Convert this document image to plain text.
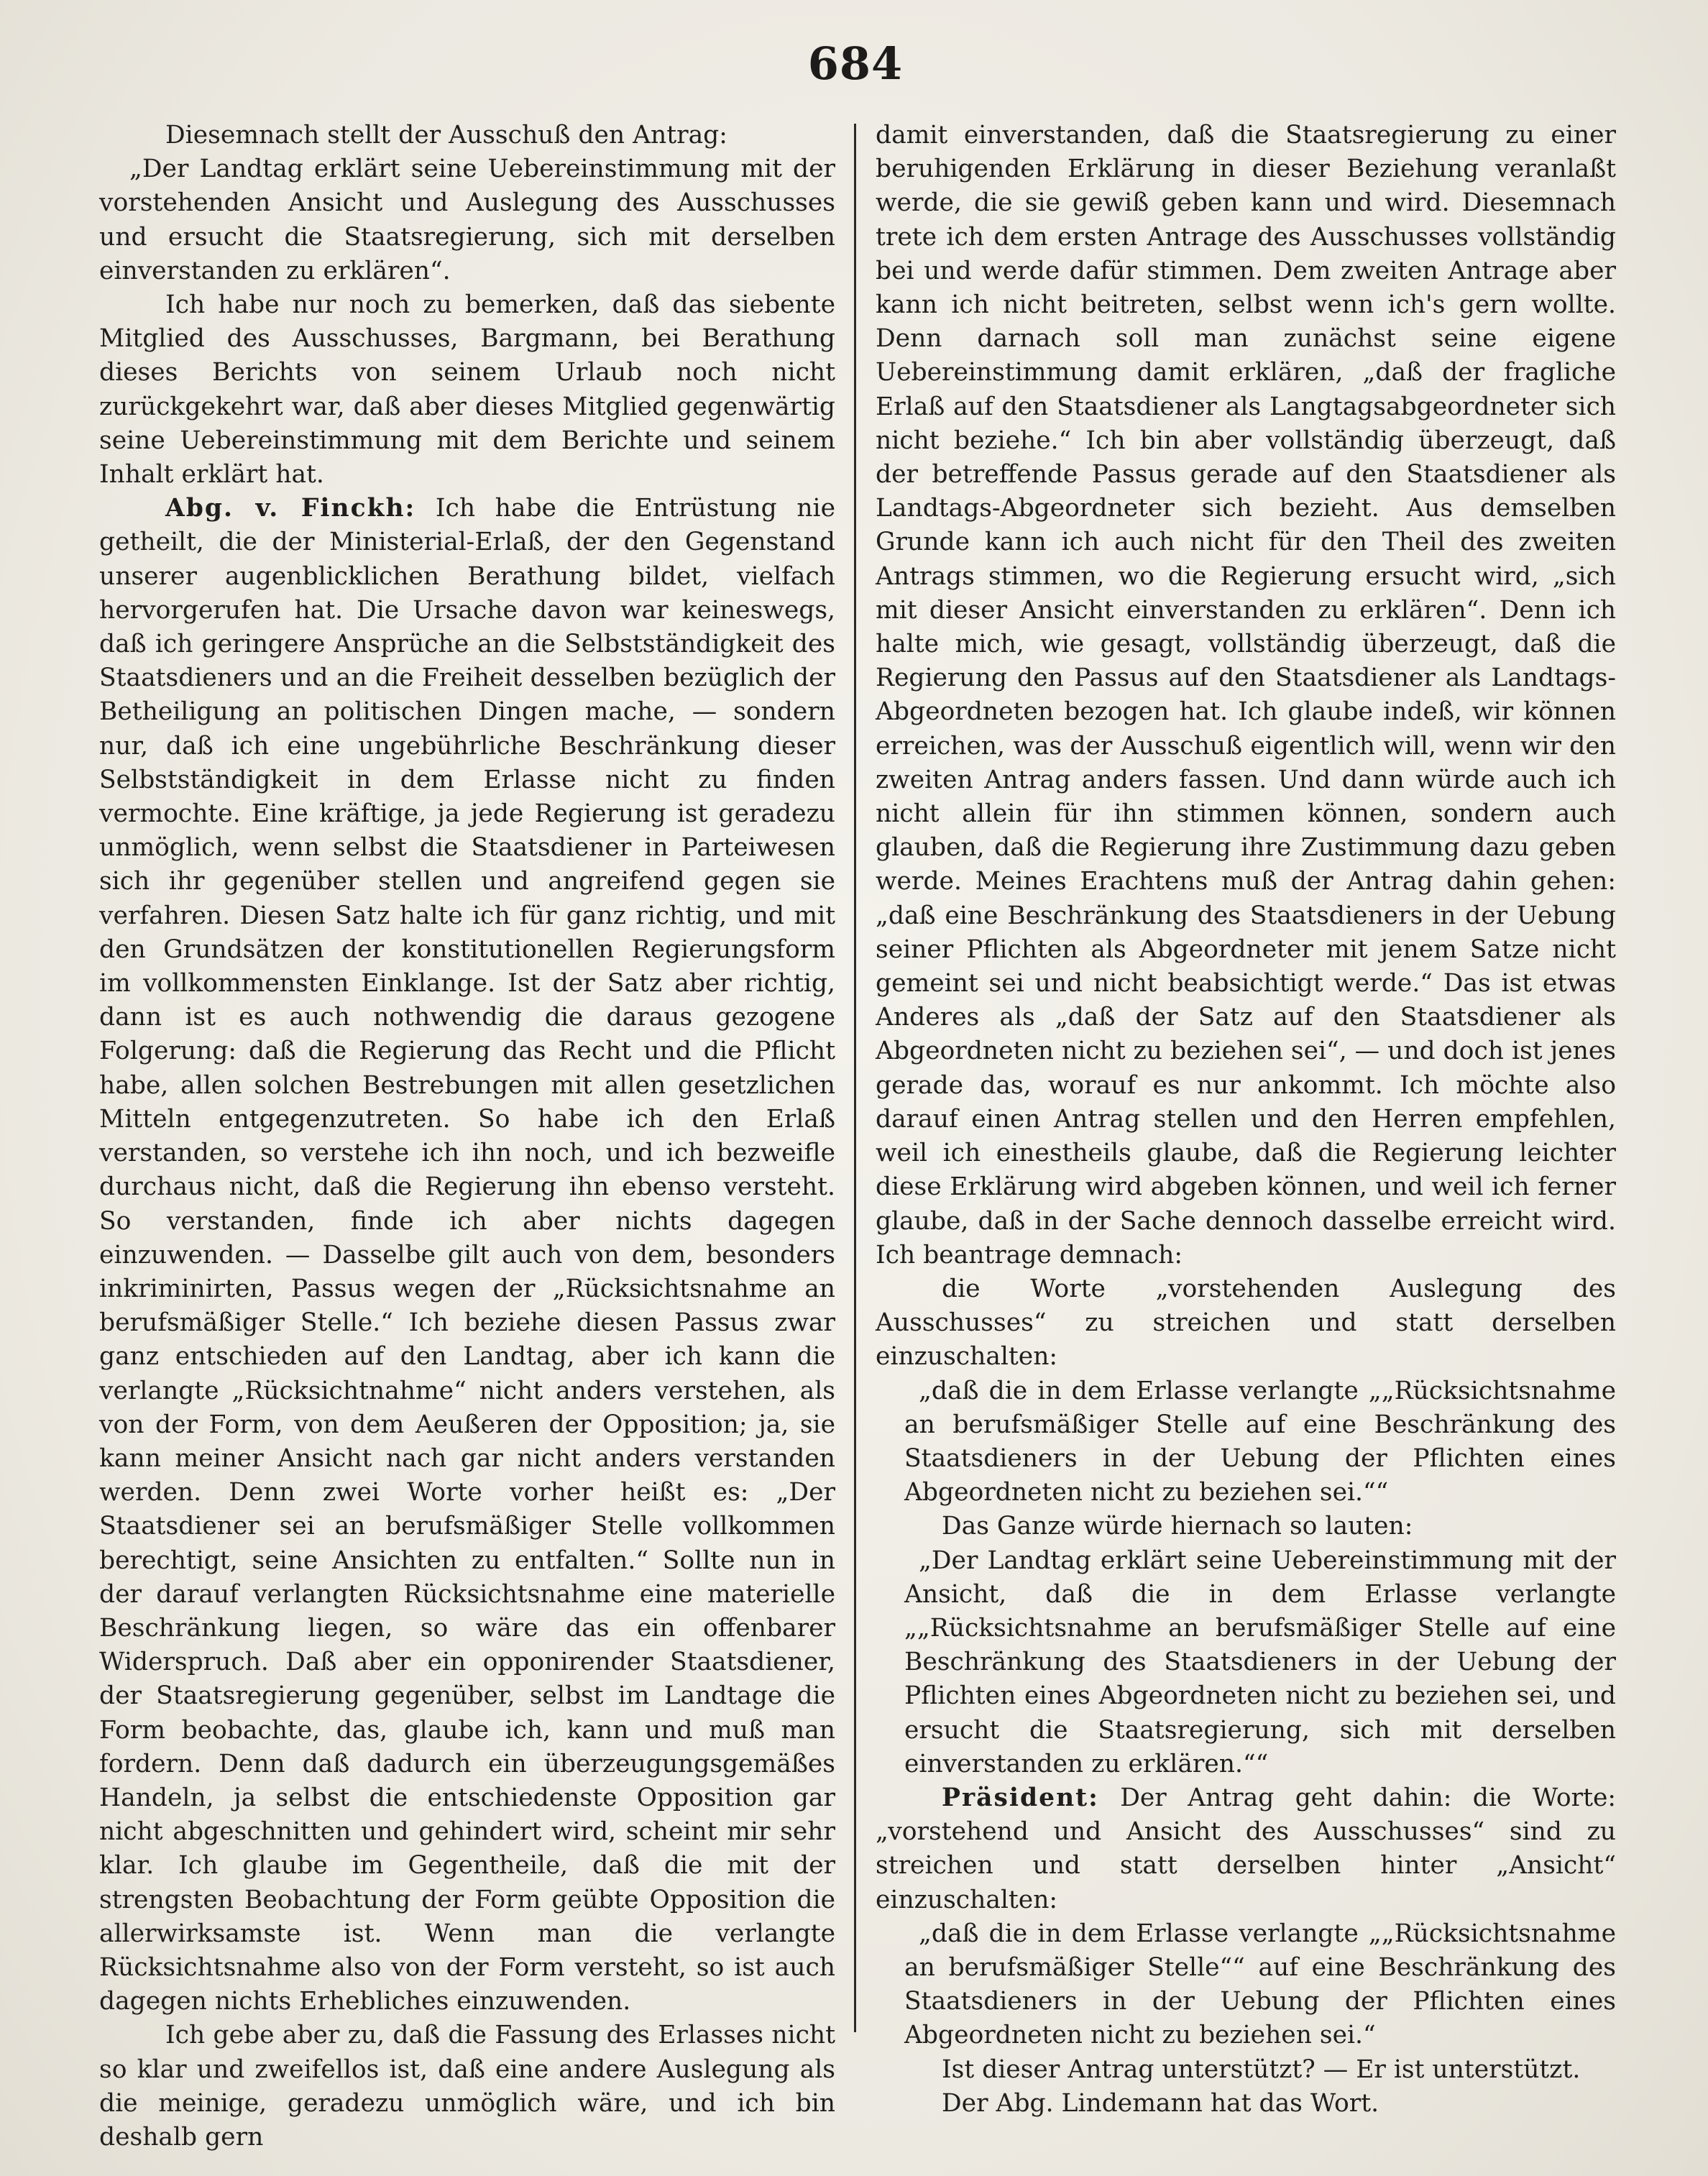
684

Diesemnach stellt der Ausschuß den Antrag:

„Der Landtag erklärt seine Uebereinstimmung mit der vorstehenden Ansicht und Auslegung des Ausschusses und ersucht die Staatsregierung, sich mit derselben einverstanden zu erklären“.

Ich habe nur noch zu bemerken, daß das siebente Mitglied des Ausschusses, Bargmann, bei Berathung dieses Berichts von seinem Urlaub noch nicht zurückgekehrt war, daß aber dieses Mitglied gegenwärtig seine Uebereinstimmung mit dem Berichte und seinem Inhalt erklärt hat.

Abg. v. Finckh: Ich habe die Entrüstung nie getheilt, die der Ministerial-Erlaß, der den Gegenstand unserer augenblicklichen Berathung bildet, vielfach hervorgerufen hat. Die Ursache davon war keineswegs, daß ich geringere Ansprüche an die Selbstständigkeit des Staatsdieners und an die Freiheit desselben bezüglich der Betheiligung an politischen Dingen mache, — sondern nur, daß ich eine ungebührliche Beschränkung dieser Selbstständigkeit in dem Erlasse nicht zu finden vermochte. Eine kräftige, ja jede Regierung ist geradezu unmöglich, wenn selbst die Staatsdiener in Parteiwesen sich ihr gegenüber stellen und angreifend gegen sie verfahren. Diesen Satz halte ich für ganz richtig, und mit den Grundsätzen der konstitutionellen Regierungsform im vollkommensten Einklange. Ist der Satz aber richtig, dann ist es auch nothwendig die daraus gezogene Folgerung: daß die Regierung das Recht und die Pflicht habe, allen solchen Bestrebungen mit allen gesetzlichen Mitteln entgegenzutreten. So habe ich den Erlaß verstanden, so verstehe ich ihn noch, und ich bezweifle durchaus nicht, daß die Regierung ihn ebenso versteht. So verstanden, finde ich aber nichts dagegen einzuwenden. — Dasselbe gilt auch von dem, besonders inkriminirten, Passus wegen der „Rücksichtsnahme an berufsmäßiger Stelle.“ Ich beziehe diesen Passus zwar ganz entschieden auf den Landtag, aber ich kann die verlangte „Rücksichtnahme“ nicht anders verstehen, als von der Form, von dem Aeußeren der Opposition; ja, sie kann meiner Ansicht nach gar nicht anders verstanden werden. Denn zwei Worte vorher heißt es: „Der Staatsdiener sei an berufsmäßiger Stelle vollkommen berechtigt, seine Ansichten zu entfalten.“ Sollte nun in der darauf verlangten Rücksichtsnahme eine materielle Beschränkung liegen, so wäre das ein offenbarer Widerspruch. Daß aber ein opponirender Staatsdiener, der Staatsregierung gegenüber, selbst im Landtage die Form beobachte, das, glaube ich, kann und muß man fordern. Denn daß dadurch ein überzeugungsgemäßes Handeln, ja selbst die entschiedenste Opposition gar nicht abgeschnitten und gehindert wird, scheint mir sehr klar. Ich glaube im Gegentheile, daß die mit der strengsten Beobachtung der Form geübte Opposition die allerwirksamste ist. Wenn man die verlangte Rücksichtsnahme also von der Form versteht, so ist auch dagegen nichts Erhebliches einzuwenden.

Ich gebe aber zu, daß die Fassung des Erlasses nicht so klar und zweifellos ist, daß eine andere Auslegung als die meinige, geradezu unmöglich wäre, und ich bin deshalb gern

damit einverstanden, daß die Staatsregierung zu einer beruhigenden Erklärung in dieser Beziehung veranlaßt werde, die sie gewiß geben kann und wird. Diesemnach trete ich dem ersten Antrage des Ausschusses vollständig bei und werde dafür stimmen. Dem zweiten Antrage aber kann ich nicht beitreten, selbst wenn ich's gern wollte. Denn darnach soll man zunächst seine eigene Uebereinstimmung damit erklären, „daß der fragliche Erlaß auf den Staatsdiener als Langtagsabgeordneter sich nicht beziehe.“ Ich bin aber vollständig überzeugt, daß der betreffende Passus gerade auf den Staatsdiener als Landtags-Abgeordneter sich bezieht. Aus demselben Grunde kann ich auch nicht für den Theil des zweiten Antrags stimmen, wo die Regierung ersucht wird, „sich mit dieser Ansicht einverstanden zu erklären“. Denn ich halte mich, wie gesagt, vollständig überzeugt, daß die Regierung den Passus auf den Staatsdiener als Landtags-Abgeordneten bezogen hat. Ich glaube indeß, wir können erreichen, was der Ausschuß eigentlich will, wenn wir den zweiten Antrag anders fassen. Und dann würde auch ich nicht allein für ihn stimmen können, sondern auch glauben, daß die Regierung ihre Zustimmung dazu geben werde. Meines Erachtens muß der Antrag dahin gehen: „daß eine Beschränkung des Staatsdieners in der Uebung seiner Pflichten als Abgeordneter mit jenem Satze nicht gemeint sei und nicht beabsichtigt werde.“ Das ist etwas Anderes als „daß der Satz auf den Staatsdiener als Abgeordneten nicht zu beziehen sei“, — und doch ist jenes gerade das, worauf es nur ankommt. Ich möchte also darauf einen Antrag stellen und den Herren empfehlen, weil ich einestheils glaube, daß die Regierung leichter diese Erklärung wird abgeben können, und weil ich ferner glaube, daß in der Sache dennoch dasselbe erreicht wird. Ich beantrage demnach:

die Worte „vorstehenden Auslegung des Ausschusses“ zu streichen und statt derselben einzuschalten:

„daß die in dem Erlasse verlangte „„Rücksichtsnahme an berufsmäßiger Stelle auf eine Beschränkung des Staatsdieners in der Uebung der Pflichten eines Abgeordneten nicht zu beziehen sei.““

Das Ganze würde hiernach so lauten:

„Der Landtag erklärt seine Uebereinstimmung mit der Ansicht, daß die in dem Erlasse verlangte „„Rücksichtsnahme an berufsmäßiger Stelle auf eine Beschränkung des Staatsdieners in der Uebung der Pflichten eines Abgeordneten nicht zu beziehen sei, und ersucht die Staatsregierung, sich mit derselben einverstanden zu erklären.““

Präsident: Der Antrag geht dahin: die Worte: „vorstehend und Ansicht des Ausschusses“ sind zu streichen und statt derselben hinter „Ansicht“ einzuschalten:

„daß die in dem Erlasse verlangte „„Rücksichtsnahme an berufsmäßiger Stelle““ auf eine Beschränkung des Staatsdieners in der Uebung der Pflichten eines Abgeordneten nicht zu beziehen sei.“

Ist dieser Antrag unterstützt? — Er ist unterstützt.

Der Abg. Lindemann hat das Wort.
